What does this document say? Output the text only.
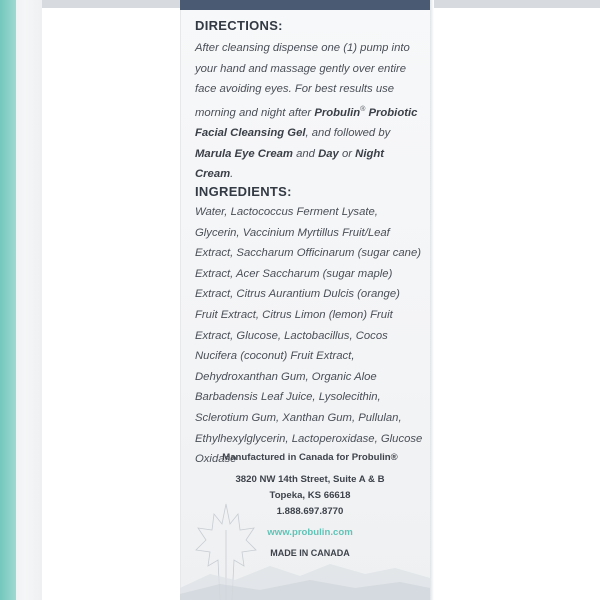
DIRECTIONS:
After cleansing dispense one (1) pump into your hand and massage gently over entire face avoiding eyes. For best results use morning and night after Probulin® Probiotic Facial Cleansing Gel, and followed by Marula Eye Cream and Day or Night Cream.
INGREDIENTS:
Water, Lactococcus Ferment Lysate, Glycerin, Vaccinium Myrtillus Fruit/Leaf Extract, Saccharum Officinarum (sugar cane) Extract, Acer Saccharum (sugar maple) Extract, Citrus Aurantium Dulcis (orange) Fruit Extract, Citrus Limon (lemon) Fruit Extract, Glucose, Lactobacillus, Cocos Nucifera (coconut) Fruit Extract, Dehydroxanthan Gum, Organic Aloe Barbadensis Leaf Juice, Lysolecithin, Sclerotium Gum, Xanthan Gum, Pullulan, Ethylhexylglycerin, Lactoperoxidase, Glucose Oxidase
Manufactured in Canada for Probulin®
3820 NW 14th Street, Suite A & B
Topeka, KS 66618
1.888.697.8770
www.probulin.com
MADE IN CANADA
